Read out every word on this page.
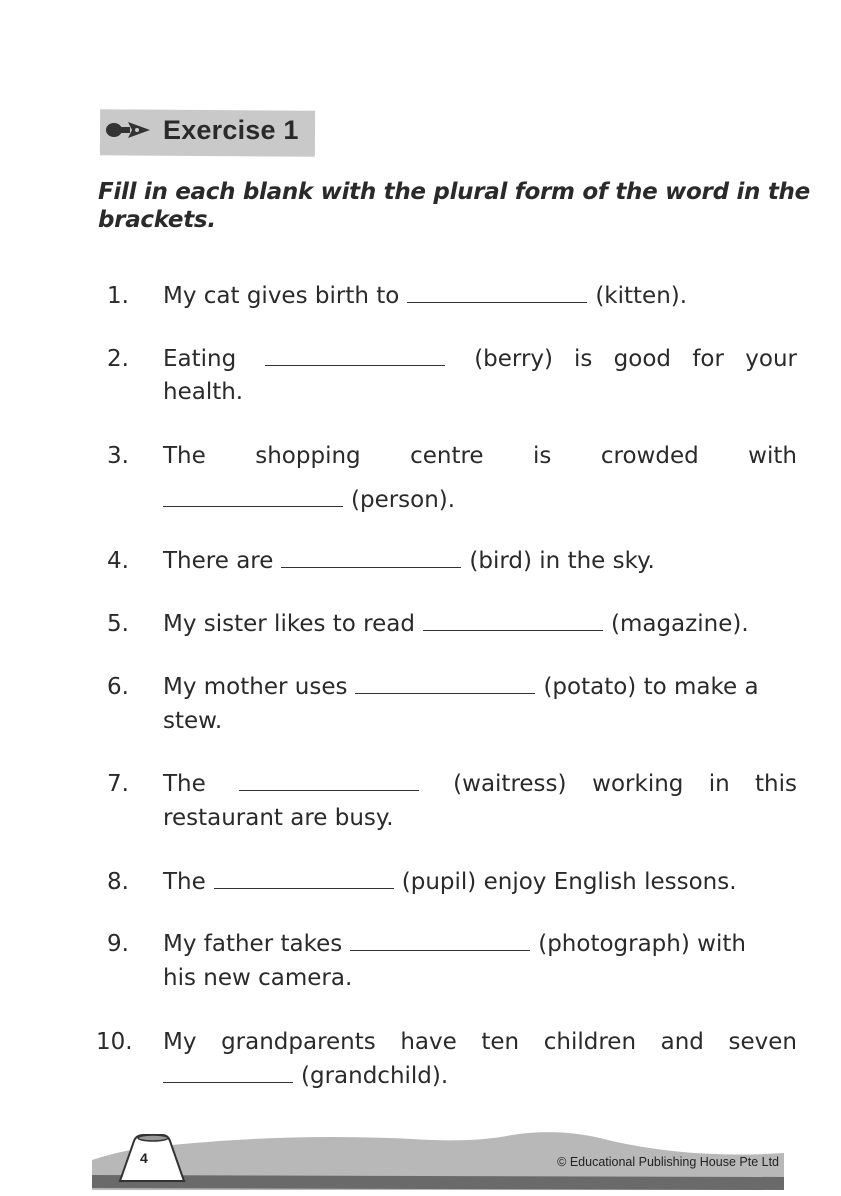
Exercise 1
Fill in each blank with the plural form of the word in the brackets.
1. My cat gives birth to	(kitten).
2. Eating	(berry) is good for your
health.
3. The shopping centre is crowded with
(person).
4. There are	(bird) in the sky.
5. My sister likes to read	(magazine).
6. My mother uses	(potato) to make a
stew.
7. The	(waitress) working in this
restaurant are busy.
8. The	(pupil) enjoy English lessons.
9. My father takes	(photograph) with
his new camera.
10. My grandparents have ten children and seven
(grandchild).
4	© Educational Publishing House Pte Ltd
